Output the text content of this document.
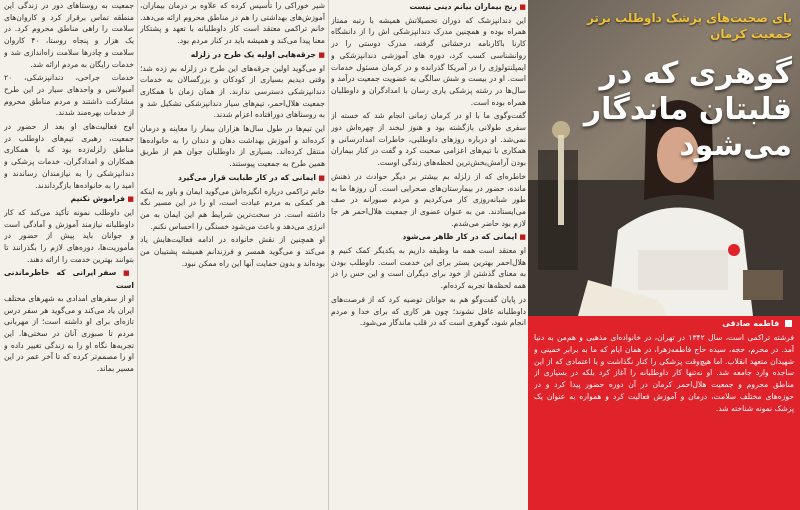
جمعیت به روستاهای دور در زندگی این منطقه تماس برقرار کرد و کاروان‌های سلامت را راهی مناطق محروم کرد. در یک هزار و پنجاه روستا، ۴۰ کاروان سلامت و چادرها سلامت راه‌اندازی شد و خدمات رایگان به مردم ارائه شد.

خدمات جراحی، دندانپزشکی، ۲۰ آمبولانس و واحدهای سیار در این طرح مشارکت داشتند و مردم مناطق محروم از خدمات بهره‌مند شدند.

اوج فعالیت‌های او بعد از حضور در جمعیت، رهبری تیم‌های داوطلب در مناطق زلزله‌زده بود که با همکاری همکاران و امدادگران، خدمات پزشکی و دندانپزشکی را به نیازمندان رساندند و امید را به خانواده‌ها بازگرداندند.

■ فراموش نکنیم

این داوطلب نمونه تأکید می‌کند که کار داوطلبانه نیازمند آموزش و آمادگی است و جوانان باید پیش از حضور در مأموریت‌ها، دوره‌های لازم را بگذرانند تا بتوانند بهترین خدمت را ارائه دهند.

■ سفر ایرانی که خاطرماندنی است

او از سفرهای امدادی به شهرهای مختلف ایران یاد می‌کند و می‌گوید هر سفر درس تازه‌ای برای او داشته است؛ از مهربانی مردم تا صبوری آنان در سختی‌ها. این تجربه‌ها نگاه او را به زندگی تغییر داده و او را مصمم‌تر کرده که تا آخر عمر در این مسیر بماند.

شیر خوراکی را تأسیس کرده که علاوه بر درمان بیماران، آموزش‌های بهداشتی را هم در مناطق محروم ارائه می‌دهد. خانم تراکمی معتقد است کار داوطلبانه با تعهد و پشتکار معنا پیدا می‌کند و همیشه باید در کنار مردم بود.

■ جرقه‌هایی اولیه یک طرح در زلزله

او می‌گوید اولین جرقه‌های این طرح در زلزله بم زده شد؛ وقتی دیدیم بسیاری از کودکان و بزرگسالان به خدمات دندانپزشکی دسترسی ندارند. از همان زمان با همکاری جمعیت هلال‌احمر، تیم‌های سیار دندانپزشکی تشکیل شد و به روستاهای دورافتاده اعزام شدند.

این تیم‌ها در طول سال‌ها هزاران بیمار را معاینه و درمان کرده‌اند و آموزش بهداشت دهان و دندان را به خانواده‌ها منتقل کرده‌اند. بسیاری از داوطلبان جوان هم از طریق همین طرح به جمعیت پیوستند.

■ ایمانی که در کار طبابت قرار می‌گیرد

خانم تراکمی درباره انگیزه‌اش می‌گوید ایمان و باور به اینکه هر کمکی به مردم عبادت است، او را در این مسیر نگه داشته است. در سخت‌ترین شرایط هم این ایمان به من انرژی می‌دهد و باعث می‌شود خستگی را احساس نکنم.

او همچنین از نقش خانواده در ادامه فعالیت‌هایش یاد می‌کند و می‌گوید همسر و فرزندانم همیشه پشتیبان من بوده‌اند و بدون حمایت آنها این راه ممکن نبود.

■ رنج بیماران بیانم دینی نیست

این دندانپزشک که دوران تحصیلاتش همیشه با رتبه ممتاز همراه بوده و همچنین مدرک دندانپزشکی اش را از دانشگاه کارنا باکارنامه درخشانی گرفته، مدرک دوستی را در روانشناسی کسب کرد، دوره های آموزشی دندانپزشکی و ایمپلنتولوژی را در آمریکا گذرانده و در کرمان مسئول خدمات است. او در بیست و شش سالگی به عضویت جمعیت درآمد و سال‌ها در رشته پزشکی یاری رسان با امدادگران و داوطلبان همراه بوده است.

گفت‌وگوی ما با او در کرمان زمانی انجام شد که خسته از سفری طولانی بازگشته بود و هنوز لبخند از چهره‌اش دور نمی‌شد. او درباره روزهای داوطلبی، خاطرات امدادرسانی و همکاری با تیم‌های اعزامی صحبت کرد و گفت در کنار بیماران بودن آرامش‌بخش‌ترین لحظه‌های زندگی اوست.

خاطره‌ای که از زلزله بم بیشتر بر دیگر حوادث در ذهنش مانده، حضور در بیمارستان‌های صحرایی است. آن روزها ما به طور شبانه‌روزی کار می‌کردیم و مردم صبورانه در صف می‌ایستادند. من به عنوان عضوی از جمعیت هلال‌احمر هر جا لازم بود حاضر می‌شدم.

■ ایمانی که در کار ظاهر می‌شود

او معتقد است همه ما وظیفه داریم به یکدیگر کمک کنیم و هلال‌احمر بهترین بستر برای این خدمت است. داوطلب بودن به معنای گذشتن از خود برای دیگران است و این حس را در همه لحظه‌ها تجربه کرده‌ام.

در پایان گفت‌وگو هم به جوانان توصیه کرد که از فرصت‌های داوطلبانه غافل نشوند؛ چون هر کاری که برای خدا و مردم انجام شود، گوهری است که در قلب ماندگار می‌شود.

پای صحبت‌های پزشک داوطلب برتر
جمعیت کرمان
گوهری که در قلبتان ماندگار می‌شود
فاطمه صادقی
فرشته تراکمی است، سال ۱۳۴۲ در تهران، در خانواده‌ای مذهبی و هم‌من به دنیا آمد. در محرم، حجه، سیده حاج فاطمه‌زهرا، در همان ایام که ما به برابر خمینی و شهیدان متعهد انقلاب. اما هیچ‌وقت پزشکی را کنار نگذاشت و با اعتمادی که از این ساجده وارد جامعه شد. او نه‌تنها کار داوطلبانه را آغاز کرد بلکه در بسیاری از مناطق محروم و جمعیت هلال‌احمر کرمان در آن دوره حضور پیدا کرد و در حوزه‌های مختلف سلامت، درمان و آموزش فعالیت کرد و همواره به عنوان یک پزشک نمونه شناخته شد.
